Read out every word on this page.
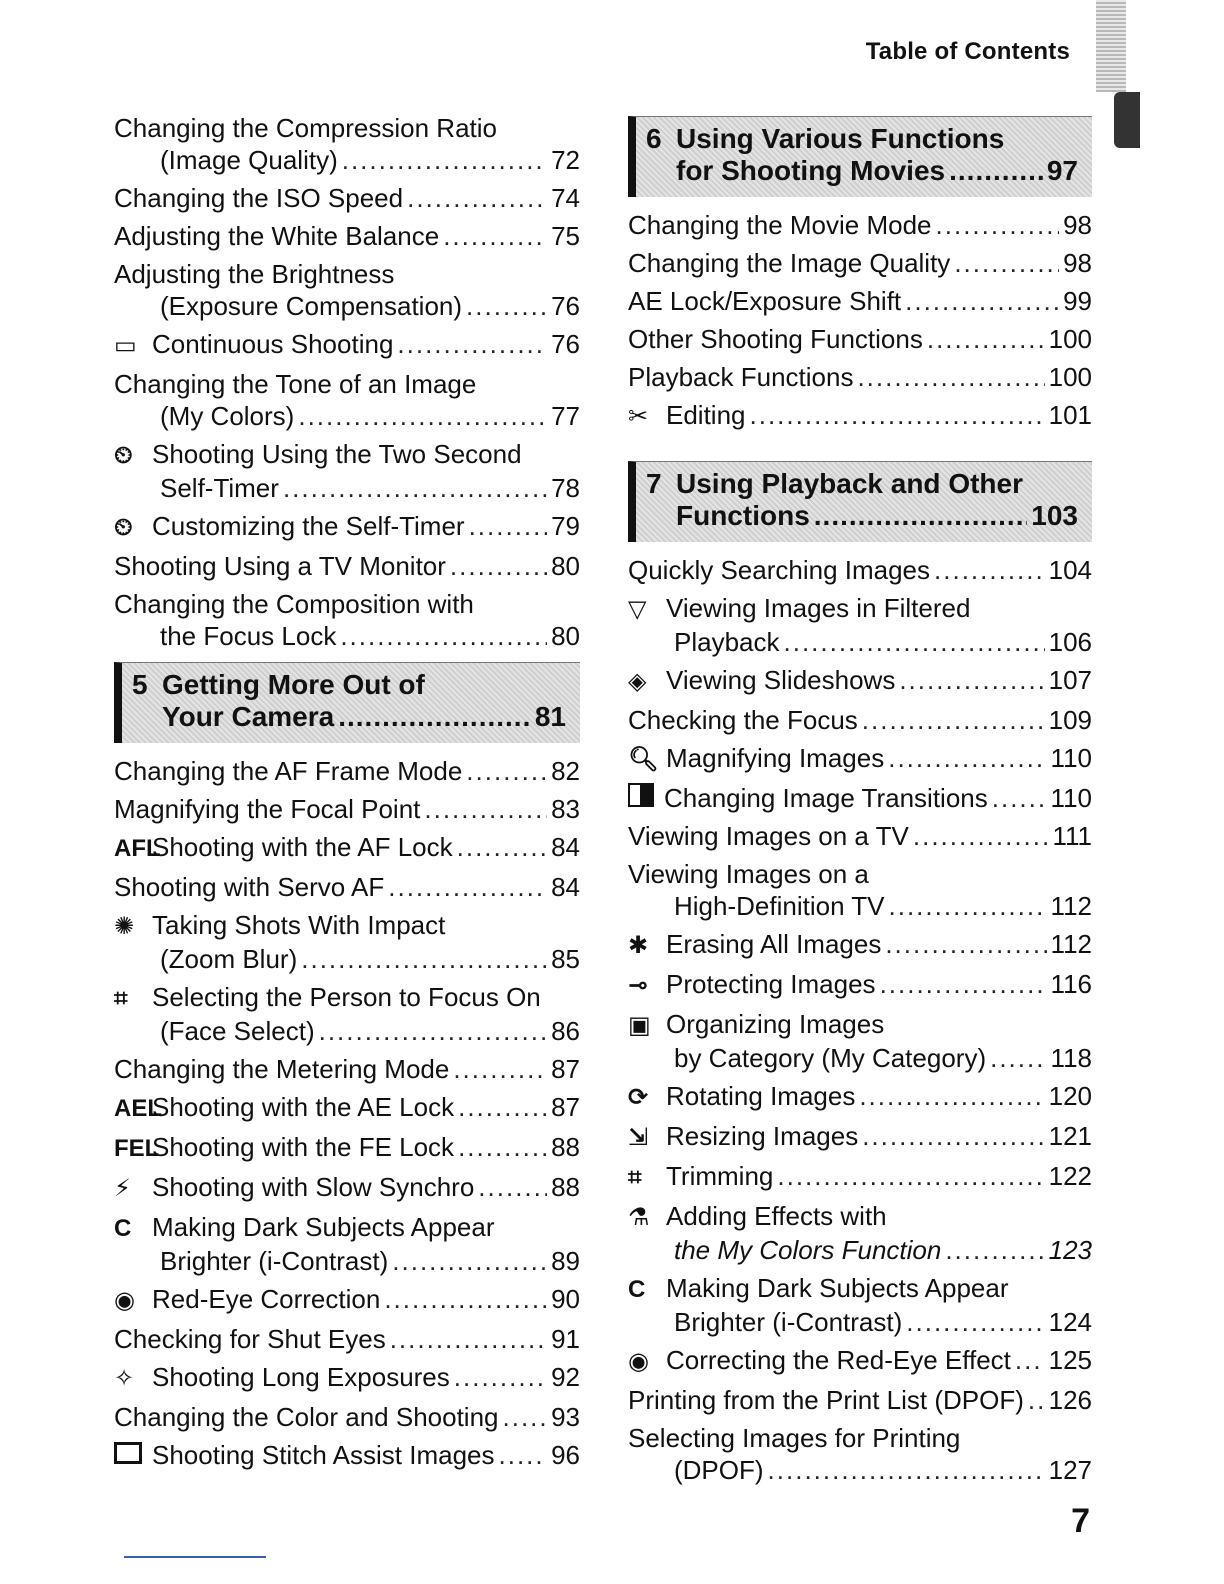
Table of Contents
Changing the Compression Ratio
(Image Quality) .....	72
Changing the ISO Speed .....	74
Adjusting the White Balance .....	75
Adjusting the Brightness
(Exposure Compensation) .....	76
▭ Continuous Shooting .....	76
Changing the Tone of an Image
(My Colors) .....	77
⏲ Shooting Using the Two Second
Self-Timer .....	78
⏲ Customizing the Self-Timer .....	79
Shooting Using a TV Monitor .....	80
Changing the Composition with
the Focus Lock .....	80
5 Getting More Out of
Your Camera .....	81
Changing the AF Frame Mode .....	82
Magnifying the Focal Point .....	83
AFL
Shooting with the AF Lock .....	84
Shooting with Servo AF .....	84
✺ Taking Shots With Impact
(Zoom Blur) .....	85
⌗ Selecting the Person to Focus On
(Face Select) .....	86
Changing the Metering Mode .....	87
AEL
Shooting with the AE Lock .....	87
FEL
Shooting with the FE Lock .....	88
⚡ Shooting with Slow Synchro .....	88
C Making Dark Subjects Appear
Brighter (i-Contrast) .....	89
◉ Red-Eye Correction .....	90
Checking for Shut Eyes .....	91
✧ Shooting Long Exposures .....	92
Changing the Color and Shooting ..... 93
Shooting Stitch Assist Images ..... 96
6 Using Various Functions
for Shooting Movies .....	97
Changing the Movie Mode .....	98
Changing the Image Quality .....	98
AE Lock/Exposure Shift .....	99
Other Shooting Functions .....	100
Playback Functions .....	100
✂ Editing .....	101
7 Using Playback and Other
Functions .....	103
Quickly Searching Images .....	104
▽ Viewing Images in Filtered
Playback .....	106
◈ Viewing Slideshows .....	107
Checking the Focus .....	109
🔍︎ Magnifying Images .....	110
Changing Image Transitions ..... 110
Viewing Images on a TV .....	111
Viewing Images on a
High-Definition TV .....	112
✱ Erasing All Images .....	112
⊸ Protecting Images .....	116
▣ Organizing Images
by Category (My Category) ..... 118
⟳ Rotating Images .....	120
⇲ Resizing Images .....	121
⌗ Trimming .....	122
⚗ Adding Effects with
the My Colors Function .....	123
C Making Dark Subjects Appear
Brighter (i-Contrast) .....	124
◉ Correcting the Red-Eye Effect ..... 125
Printing from the Print List (DPOF) ..... 126
Selecting Images for Printing
(DPOF) .....	127
7
